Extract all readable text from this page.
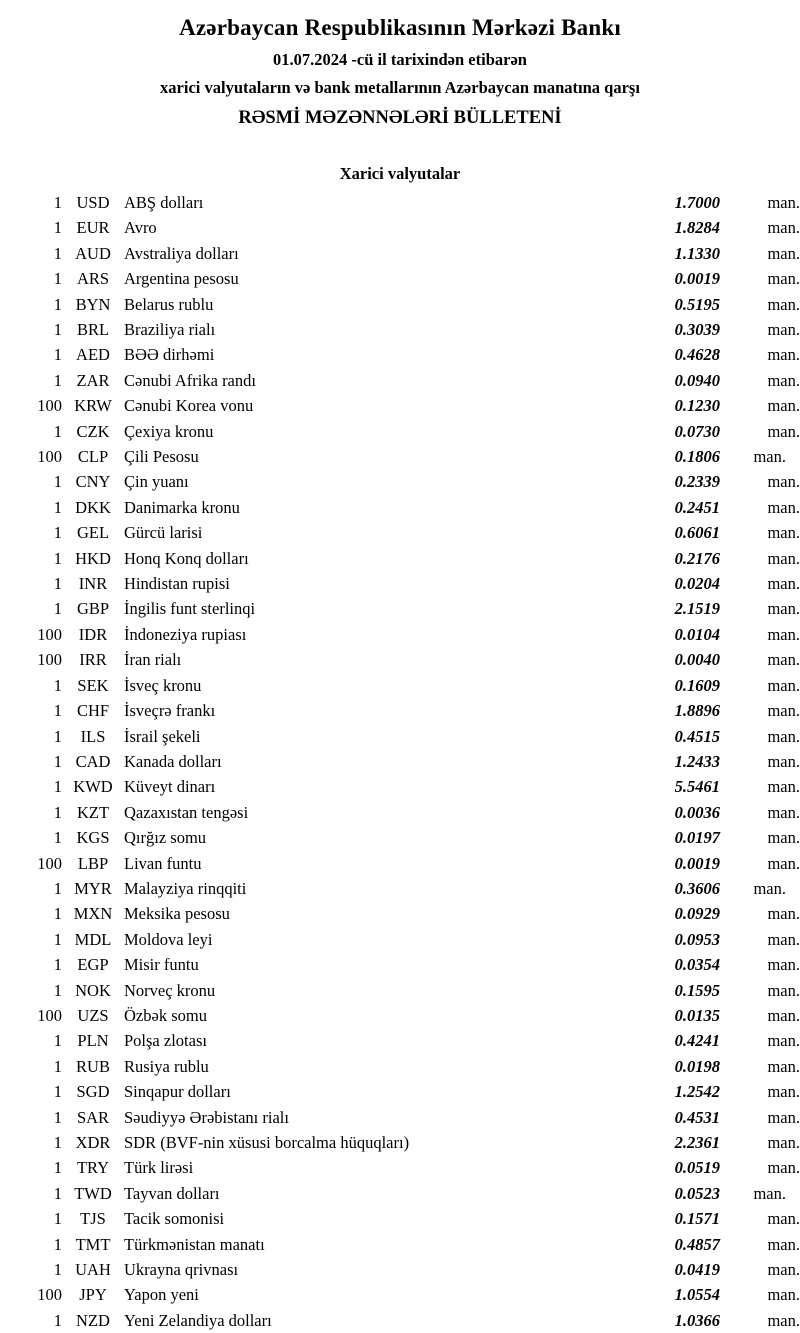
Azərbaycan Respublikasının Mərkəzi Bankı
01.07.2024 -cü il tarixindən etibarən
xarici valyutaların və bank metallarının Azərbaycan manatına qarşı
RƏSMİ MƏZƏNNƏLƏRİ BÜLLETENİ
Xarici valyutalar
1	USD	ABŞ dolları	1.7000	man.
1	EUR	Avro	1.8284	man.
1	AUD	Avstraliya dolları	1.1330	man.
1	ARS	Argentina pesosu	0.0019	man.
1	BYN	Belarus rublu	0.5195	man.
1	BRL	Braziliya rialı	0.3039	man.
1	AED	BƏƏ dirhəmi	0.4628	man.
1	ZAR	Cənubi Afrika randı	0.0940	man.
100	KRW	Cənubi Korea vonu	0.1230	man.
1	CZK	Çexiya kronu	0.0730	man.
100	CLP	Çili Pesosu	0.1806	man.
1	CNY	Çin yuanı	0.2339	man.
1	DKK	Danimarka kronu	0.2451	man.
1	GEL	Gürcü larisi	0.6061	man.
1	HKD	Honq Konq dolları	0.2176	man.
1	INR	Hindistan rupisi	0.0204	man.
1	GBP	İngilis funt sterlinqi	2.1519	man.
100	IDR	İndoneziya rupiası	0.0104	man.
100	IRR	İran rialı	0.0040	man.
1	SEK	İsveç kronu	0.1609	man.
1	CHF	İsveçrə frankı	1.8896	man.
1	ILS	İsrail şekeli	0.4515	man.
1	CAD	Kanada dolları	1.2433	man.
1	KWD	Küveyt dinarı	5.5461	man.
1	KZT	Qazaxıstan tengəsi	0.0036	man.
1	KGS	Qırğız somu	0.0197	man.
100	LBP	Livan funtu	0.0019	man.
1	MYR	Malayziya rinqqiti	0.3606	man.
1	MXN	Meksika pesosu	0.0929	man.
1	MDL	Moldova leyi	0.0953	man.
1	EGP	Misir funtu	0.0354	man.
1	NOK	Norveç kronu	0.1595	man.
100	UZS	Özbək somu	0.0135	man.
1	PLN	Polşa zlotası	0.4241	man.
1	RUB	Rusiya rublu	0.0198	man.
1	SGD	Sinqapur dolları	1.2542	man.
1	SAR	Səudiyyə Ərəbistanı rialı	0.4531	man.
1	XDR	SDR (BVF-nin xüsusi borcalma hüquqları)	2.2361	man.
1	TRY	Türk lirəsi	0.0519	man.
1	TWD	Tayvan dolları	0.0523	man.
1	TJS	Tacik somonisi	0.1571	man.
1	TMT	Türkmənistan manatı	0.4857	man.
1	UAH	Ukrayna qrivnası	0.0419	man.
100	JPY	Yapon yeni	1.0554	man.
1	NZD	Yeni Zelandiya dolları	1.0366	man.
